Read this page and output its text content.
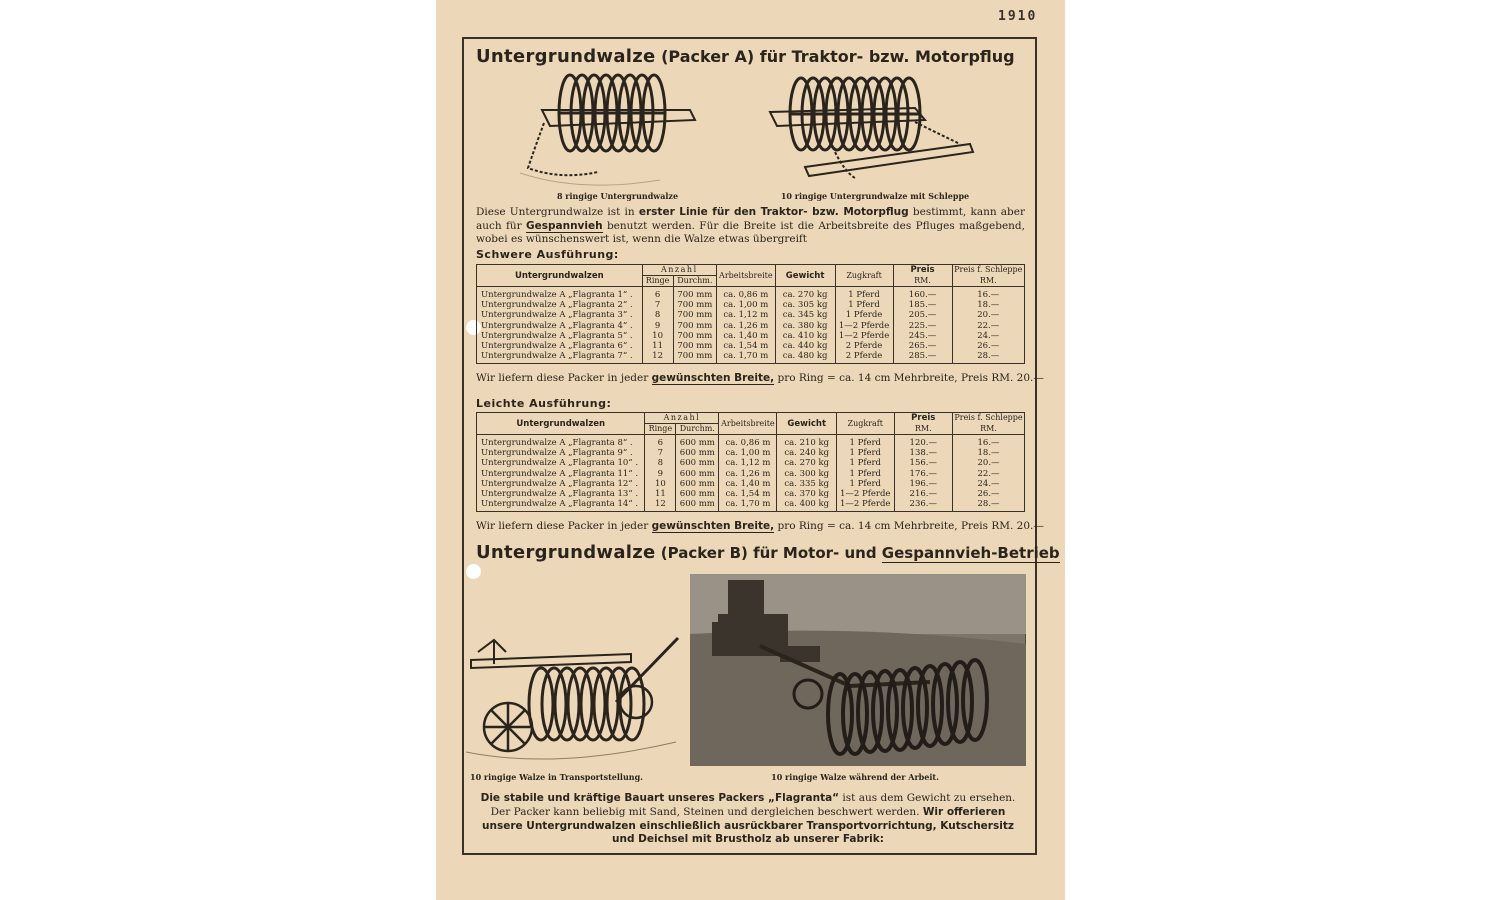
1910
Untergrundwalze (Packer A) für Traktor- bzw. Motorpflug
8 ringige Untergrundwalze	10 ringige Untergrundwalze mit Schleppe
Diese Untergrundwalze ist in erster Linie für den Traktor- bzw. Motorpflug bestimmt, kann aber auch für Gespannvieh benutzt werden. Für die Breite ist die Arbeitsbreite des Pfluges maßgebend, wobei es wünschenswert ist, wenn die Walze etwas übergreift
Schwere Ausführung:
Untergrundwalzen	Anzahl		Arbeitsbreite	Gewicht	Zugkraft	Preis	Preis f. Schleppe
	Ringe	Durchm.				RM.	RM.
Untergrundwalze A „Flagranta 1“ .	6	700 mm	ca. 0,86 m	ca. 270 kg	1 Pferd	160.—	16.—
Untergrundwalze A „Flagranta 2“ .	7	700 mm	ca. 1,00 m	ca. 305 kg	1 Pferd	185.—	18.—
Untergrundwalze A „Flagranta 3“ .	8	700 mm	ca. 1,12 m	ca. 345 kg	1 Pferde	205.—	20.—
Untergrundwalze A „Flagranta 4“ .	9	700 mm	ca. 1,26 m	ca. 380 kg	1—2 Pferde	225.—	22.—
Untergrundwalze A „Flagranta 5“ .	10	700 mm	ca. 1,40 m	ca. 410 kg	1—2 Pferde	245.—	24.—
Untergrundwalze A „Flagranta 6“ .	11	700 mm	ca. 1,54 m	ca. 440 kg	2 Pferde	265.—	26.—
Untergrundwalze A „Flagranta 7“ .	12	700 mm	ca. 1,70 m	ca. 480 kg	2 Pferde	285.—	28.—
Wir liefern diese Packer in jeder gewünschten Breite, pro Ring = ca. 14 cm Mehrbreite, Preis RM. 20.—
Leichte Ausführung:
Untergrundwalzen	Anzahl		Arbeitsbreite	Gewicht	Zugkraft	Preis	Preis f. Schleppe
	Ringe	Durchm.				RM.	RM.
Untergrundwalze A „Flagranta 8“ .	6	600 mm	ca. 0,86 m	ca. 210 kg	1 Pferd	120.—	16.—
Untergrundwalze A „Flagranta 9“ .	7	600 mm	ca. 1,00 m	ca. 240 kg	1 Pferd	138.—	18.—
Untergrundwalze A „Flagranta 10“ .	8	600 mm	ca. 1,12 m	ca. 270 kg	1 Pferd	156.—	20.—
Untergrundwalze A „Flagranta 11“ .	9	600 mm	ca. 1,26 m	ca. 300 kg	1 Pferd	176.—	22.—
Untergrundwalze A „Flagranta 12“ .	10	600 mm	ca. 1,40 m	ca. 335 kg	1 Pferd	196.—	24.—
Untergrundwalze A „Flagranta 13“ .	11	600 mm	ca. 1,54 m	ca. 370 kg	1—2 Pferde	216.—	26.—
Untergrundwalze A „Flagranta 14“ .	12	600 mm	ca. 1,70 m	ca. 400 kg	1—2 Pferde	236.—	28.—
Wir liefern diese Packer in jeder gewünschten Breite, pro Ring = ca. 14 cm Mehrbreite, Preis RM. 20.—
Untergrundwalze (Packer B) für Motor- und Gespannvieh-Betrieb
10 ringige Walze in Transportstellung.	10 ringige Walze während der Arbeit.
Die stabile und kräftige Bauart unseres Packers „Flagranta“ ist aus dem Gewicht zu ersehen. Der Packer kann beliebig mit Sand, Steinen und dergleichen beschwert werden. Wir offerieren unsere Untergrundwalzen einschließlich ausrückbarer Transportvorrichtung, Kutschersitz und Deichsel mit Brustholz ab unserer Fabrik:
